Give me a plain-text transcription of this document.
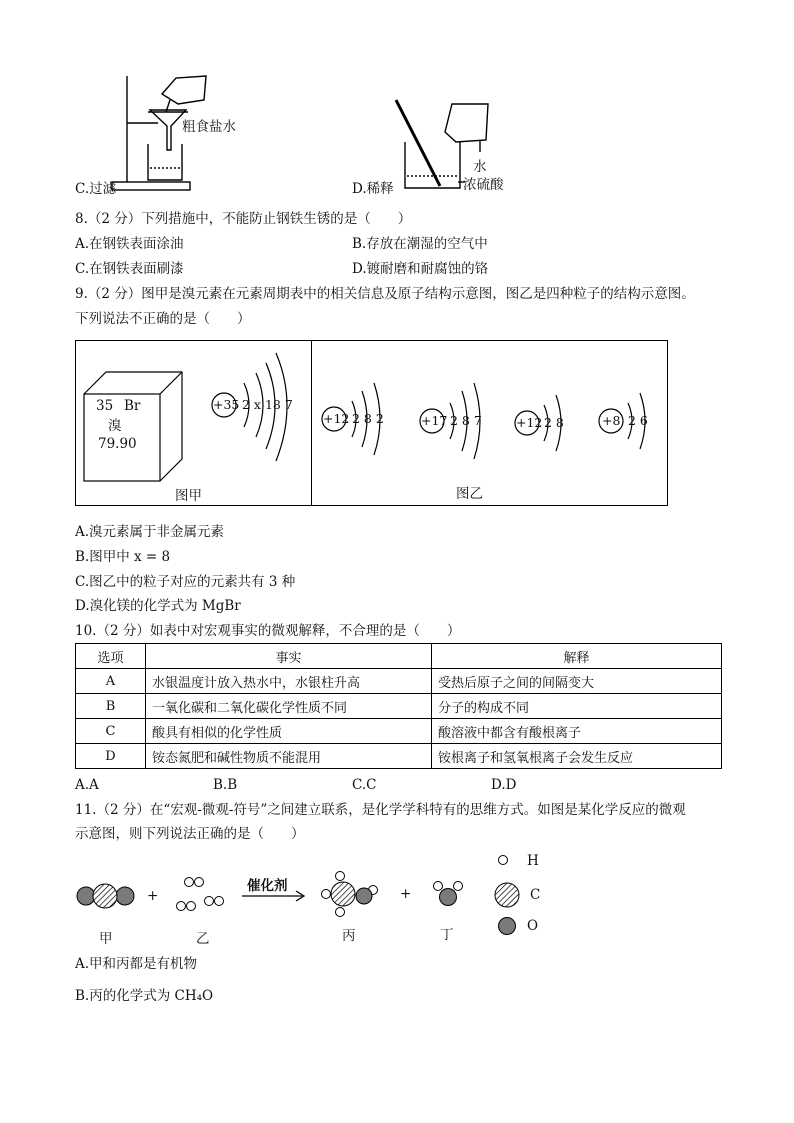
粗食盐水
水
浓硫酸
C.过滤	D.稀释
8.（2 分）下列措施中，不能防止钢铁生锈的是（　　）
A.在钢铁表面涂油	B.存放在潮湿的空气中
C.在钢铁表面刷漆	D.镀耐磨和耐腐蚀的铬
9.（2 分）图甲是溴元素在元素周期表中的相关信息及原子结构示意图，图乙是四种粒子的结构示意图。
下列说法不正确的是（　　）
35 Br
溴
79.90
+35 2 x 18 7
图甲
+12 2 8 2	+17 2 8 7	+12 2 8	+8 2 6
图乙
A.溴元素属于非金属元素
B.图甲中 x = 8
C.图乙中的粒子对应的元素共有 3 种
D.溴化镁的化学式为 MgBr
10.（2 分）如表中对宏观事实的微观解释，不合理的是（　　）
选项	事实	解释
A	水银温度计放入热水中，水银柱升高	受热后原子之间的间隔变大
B	一氧化碳和二氧化碳化学性质不同	分子的构成不同
C	酸具有相似的化学性质	酸溶液中都含有酸根离子
D	铵态氮肥和碱性物质不能混用	铵根离子和氢氧根离子会发生反应
A.A	B.B	C.C	D.D
11.（2 分）在“宏观-微观-符号”之间建立联系，是化学学科特有的思维方式。如图是某化学反应的微观
示意图，则下列说法正确的是（　　）
+	+
催化剂
甲	乙	丙	丁
H
C
O
A.甲和丙都是有机物
B.丙的化学式为 CH₄O
